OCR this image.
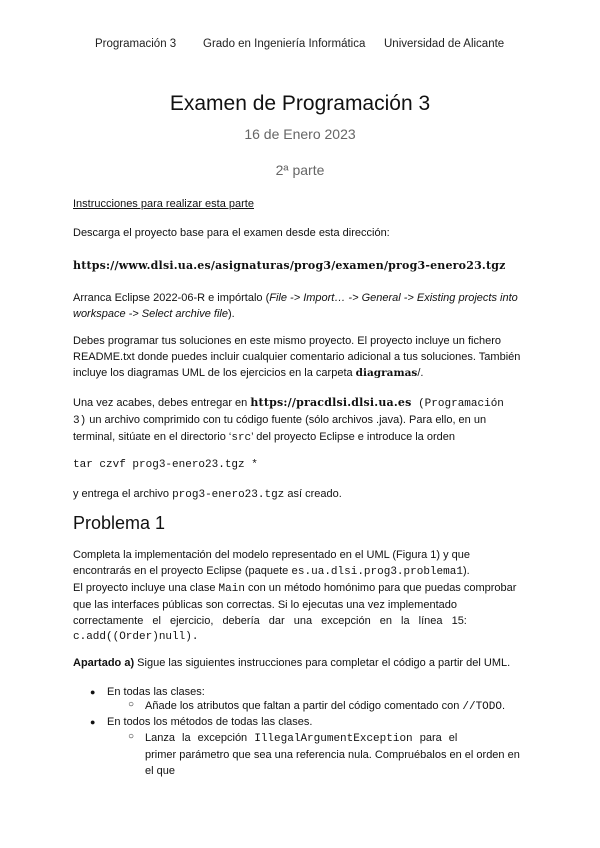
Programación 3 Grado en Ingeniería Informática Universidad de Alicante
Examen de Programación 3
16 de Enero 2023
2ª parte
Instrucciones para realizar esta parte
Descarga el proyecto base para el examen desde esta dirección:
https://www.dlsi.ua.es/asignaturas/prog3/examen/prog3-enero23.tgz
Arranca Eclipse 2022-06-R e impórtalo (File -> Import… -> General -> Existing projects into workspace -> Select archive file).
Debes programar tus soluciones en este mismo proyecto. El proyecto incluye un fichero
README.txt donde puedes incluir cualquier comentario adicional a tus soluciones. También
incluye los diagramas UML de los ejercicios en la carpeta diagramas/.
Una vez acabes, debes entregar en https://pracdlsi.dlsi.ua.es (Programación
3) un archivo comprimido con tu código fuente (sólo archivos .java). Para ello, en un
terminal, sitúate en el directorio ‘src’ del proyecto Eclipse e introduce la orden
tar czvf prog3-enero23.tgz *
y entrega el archivo prog3-enero23.tgz así creado.
Problema 1
Completa la implementación del modelo representado en el UML (Figura 1) y que
encontrarás en el proyecto Eclipse (paquete es.ua.dlsi.prog3.problema1).
El proyecto incluye una clase Main con un método homónimo para que puedas comprobar
que las interfaces públicas son correctas. Si lo ejecutas una vez implementado
correctamente el ejercicio, debería dar una excepción en la línea 15:
c.add((Order)null).
Apartado a) Sigue las siguientes instrucciones para completar el código a partir del UML.
● En todas las clases:
○ Añade los atributos que faltan a partir del código comentado con //TODO.
● En todos los métodos de todas las clases.
○ Lanza la excepción IllegalArgumentException para el
primer parámetro que sea una referencia nula. Compruébalos en el orden en
el que
